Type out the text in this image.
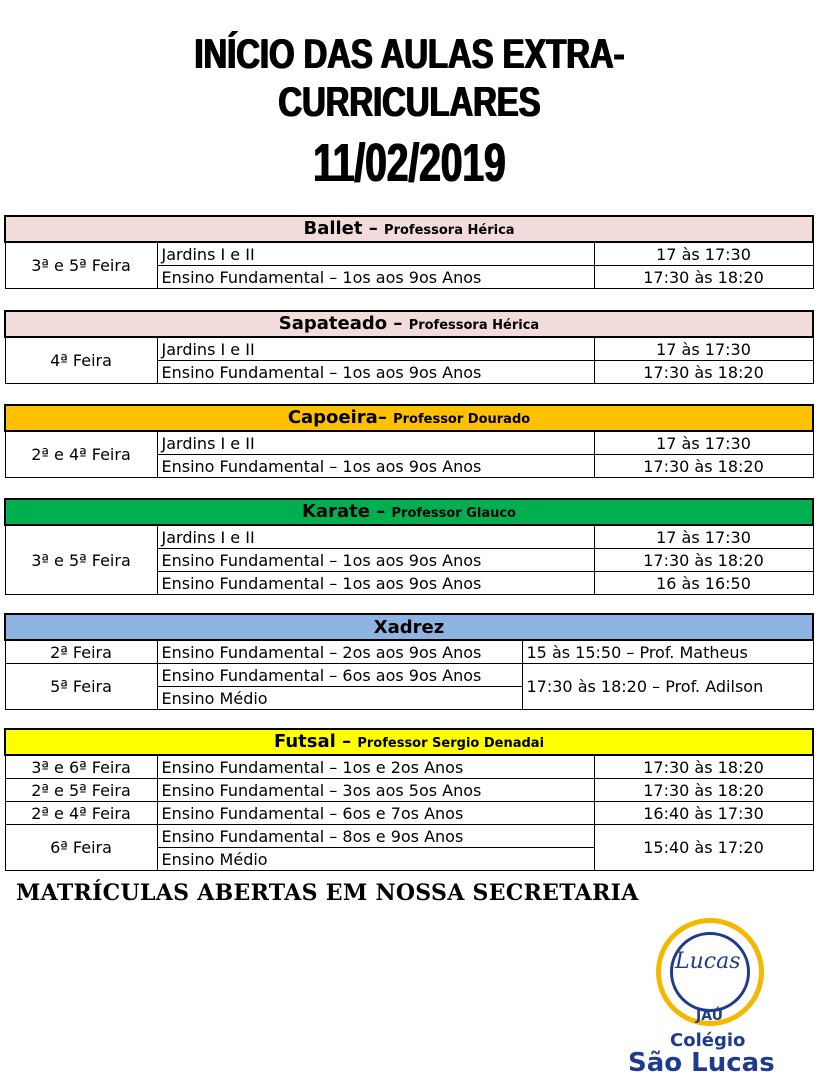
INÍCIO DAS AULAS EXTRA-CURRICULARES
11/02/2019
Ballet – Professora Hérica		
3ª e 5ª Feira	Jardins I e II	17 às 17:30
	Ensino Fundamental – 1os aos 9os Anos	17:30 às 18:20
Sapateado – Professora Hérica		
4ª Feira	Jardins I e II	17 às 17:30
	Ensino Fundamental – 1os aos 9os Anos	17:30 às 18:20
Capoeira– Professor Dourado		
2ª e 4ª Feira	Jardins I e II	17 às 17:30
	Ensino Fundamental – 1os aos 9os Anos	17:30 às 18:20
Karate – Professor Glauco		
3ª e 5ª Feira	Jardins I e II	17 às 17:30
	Ensino Fundamental – 1os aos 9os Anos	17:30 às 18:20
	Ensino Fundamental – 1os aos 9os Anos	16 às 16:50
Xadrez		
2ª Feira	Ensino Fundamental – 2os aos 9os Anos	15 às 15:50 – Prof. Matheus
5ª Feira	Ensino Fundamental – 6os aos 9os Anos	17:30 às 18:20 – Prof. Adilson
	Ensino Médio	
Futsal – Professor Sergio Denadai		
3ª e 6ª Feira	Ensino Fundamental – 1os e 2os Anos	17:30 às 18:20
2ª e 5ª Feira	Ensino Fundamental – 3os aos 5os Anos	17:30 às 18:20
2ª e 4ª Feira	Ensino Fundamental – 6os e 7os Anos	16:40 às 17:30
6ª Feira	Ensino Fundamental – 8os e 9os Anos	15:40 às 17:20
	Ensino Médio	
MATRÍCULAS ABERTAS EM NOSSA SECRETARIA
Lucas
JAÚ
Colégio
São Lucas
